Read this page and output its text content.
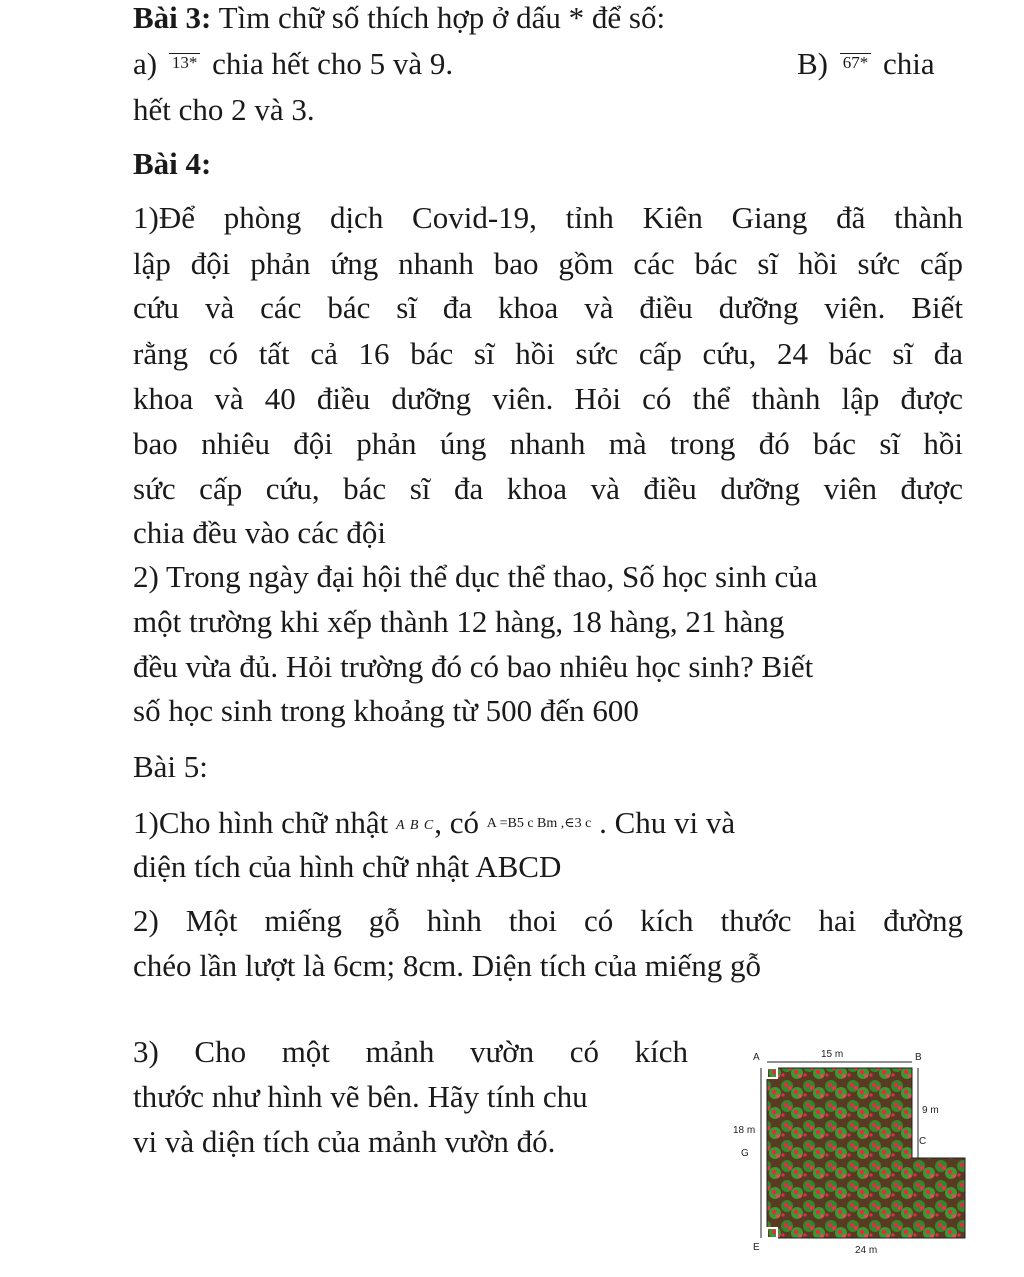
Bài 3: Tìm chữ số thích hợp ở dấu * để số:
a) 13* chia hết cho 5 và 9.	B) 67* chia
hết cho 2 và 3.
Bài 4:
1)Để phòng dịch Covid-19, tỉnh Kiên Giang đã thành
lập đội phản ứng nhanh bao gồm các bác sĩ hồi sức cấp
cứu và các bác sĩ đa khoa và điều dưỡng viên. Biết
rằng có tất cả 16 bác sĩ hồi sức cấp cứu, 24 bác sĩ đa
khoa và 40 điều dưỡng viên. Hỏi có thể thành lập được
bao nhiêu đội phản úng nhanh mà trong đó bác sĩ hồi
sức cấp cứu, bác sĩ đa khoa và điều dưỡng viên được
chia đều vào các đội
2) Trong ngày đại hội thể dục thể thao, Số học sinh của
một trường khi xếp thành 12 hàng, 18 hàng, 21 hàng
đều vừa đủ. Hỏi trường đó có bao nhiêu học sinh? Biết
số học sinh trong khoảng từ 500 đến 600
Bài 5:
1)Cho hình chữ nhật A B C, có A =B5 c Bm ,∈3 c . Chu vi và
diện tích của hình chữ nhật ABCD
2) Một miếng gỗ hình thoi có kích thước hai đường
chéo lần lượt là 6cm; 8cm. Diện tích của miếng gỗ
3) Cho một mảnh vườn có kích
thước như hình vẽ bên. Hãy tính chu
vi và diện tích của mảnh vườn đó.
A	15 m	B
9 m
18 m
G
C
E	24 m
